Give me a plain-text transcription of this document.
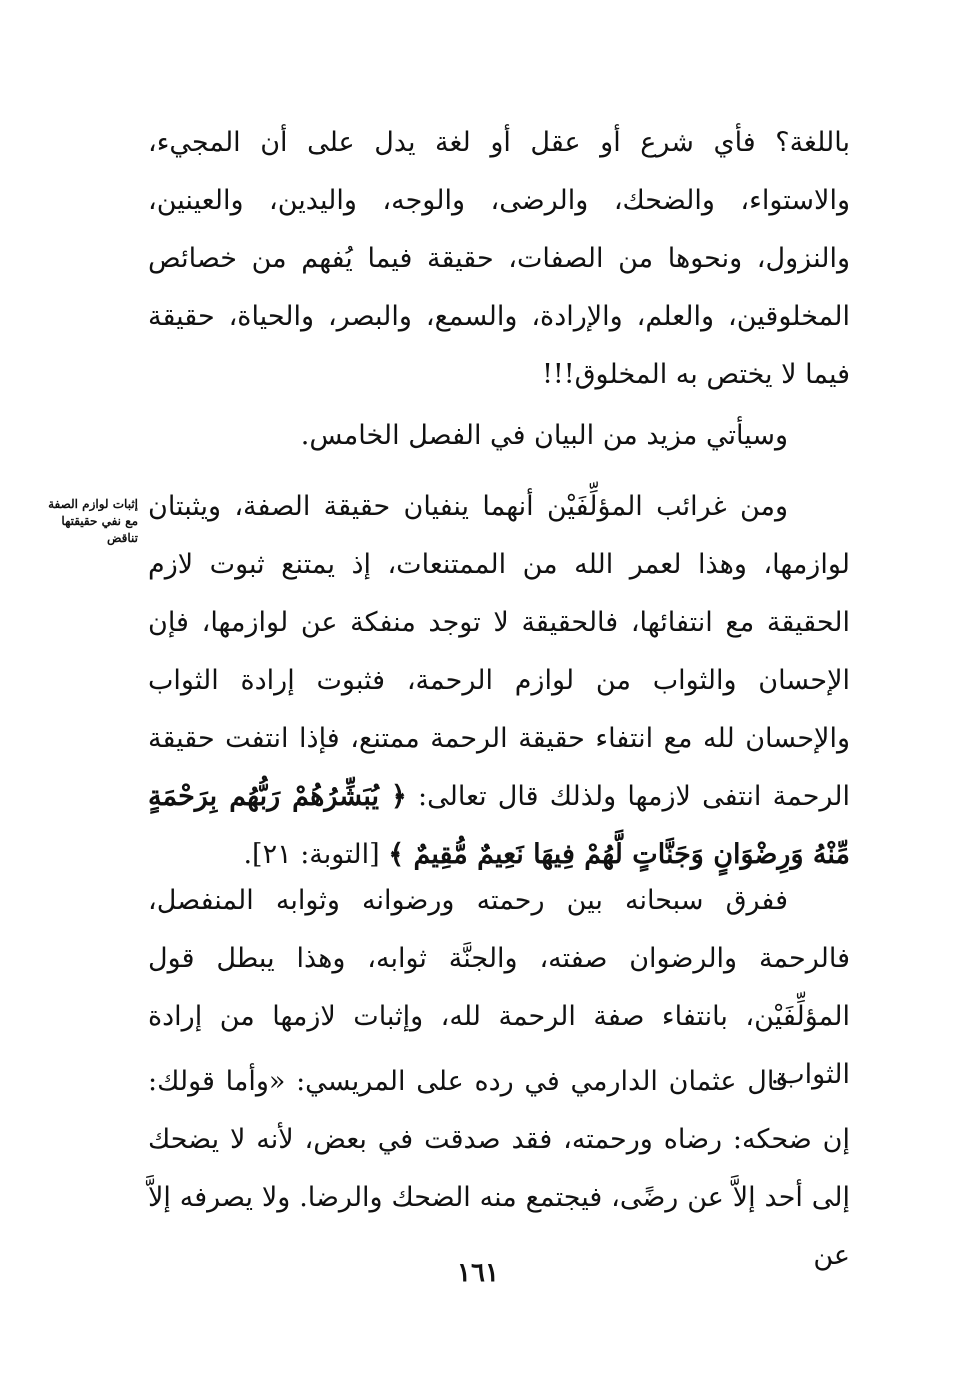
إثبات لوازم الصفة
مع نفي حقيقتها
تناقض

باللغة؟ فأي شرع أو عقل أو لغة يدل على أن المجيء، والاستواء، والضحك، والرضى، والوجه، واليدين، والعينين، والنزول، ونحوها من الصفات، حقيقة فيما يُفهم من خصائص المخلوقين، والعلم، والإرادة، والسمع، والبصر، والحياة، حقيقة فيما لا يختص به المخلوق!!!

وسيأتي مزيد من البيان في الفصل الخامس.

ومن غرائب المؤلِّفَيْن أنهما ينفيان حقيقة الصفة، ويثبتان لوازمها، وهذا لعمر الله من الممتنعات، إذ يمتنع ثبوت لازم الحقيقة مع انتفائها، فالحقيقة لا توجد منفكة عن لوازمها، فإن الإحسان والثواب من لوازم الرحمة، فثبوت إرادة الثواب والإحسان لله مع انتفاء حقيقة الرحمة ممتنع، فإذا انتفت حقيقة الرحمة انتفى لازمها ولذلك قال تعالى: ﴿ يُبَشِّرُهُمْ رَبُّهُم بِرَحْمَةٍ مِّنْهُ وَرِضْوَانٍ وَجَنَّاتٍ لَّهُمْ فِيهَا نَعِيمٌ مُّقِيمٌ ﴾ [التوبة: ٢١].

ففرق سبحانه بين رحمته ورضوانه وثوابه المنفصل، فالرحمة والرضوان صفته، والجنَّة ثوابه، وهذا يبطل قول المؤلِّفَيْن، بانتفاء صفة الرحمة لله، وإثبات لازمها من إرادة الثواب.

قال عثمان الدارمي في رده على المريسي: «وأما قولك: إن ضحكه: رضاه ورحمته، فقد صدقت في بعض، لأنه لا يضحك إلى أحد إلاَّ عن رضًى، فيجتمع منه الضحك والرضا. ولا يصرفه إلاَّ عن

١٦١
